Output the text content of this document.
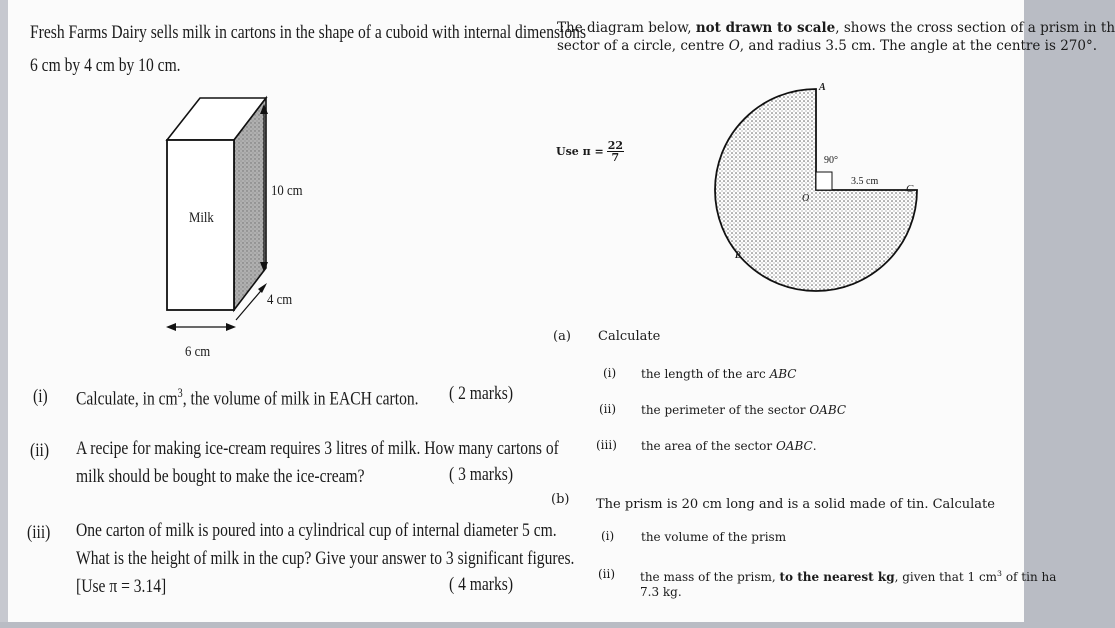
Fresh Farms Dairy sells milk in cartons in the shape of a cuboid with internal dimensions
6 cm by 4 cm by 10 cm.
Milk
10 cm
4 cm
6 cm
(i) Calculate, in $cm^3$, the volume of milk in EACH carton. ( 2 marks)
(ii) A recipe for making ice-cream requires 3 litres of milk. How many cartons of
milk should be bought to make the ice-cream?	( 3 marks)
(iii) One carton of milk is poured into a cylindrical cup of internal diameter 5 cm.
What is the height of milk in the cup? Give your answer to 3 significant figures.
[Use π = 3.14]	( 4 marks)
The diagram below, not drawn to scale, shows the cross section of a prism in th
sector of a circle, centre O, and radius 3.5 cm. The angle at the centre is 270°.
Use $\pi = \frac{22}{7}$
A
90°
O
3.5 cm
C
B
(a) Calculate
(i) the length of the arc ABC
(ii) the perimeter of the sector OABC
(iii) the area of the sector OABC.
(b) The prism is 20 cm long and is a solid made of tin. Calculate
(i) the volume of the prism
(ii) the mass of the prism, to the nearest kg, given that 1 $cm^3$ of tin ha
7.3 kg.
